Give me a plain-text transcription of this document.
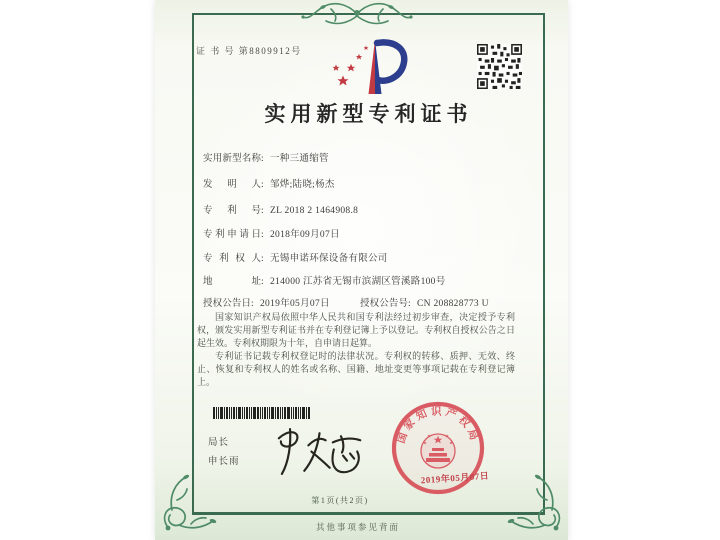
证 书 号 第8809912号
实用新型专利证书
实用新型名称: 一种三通缩管
发明人: 邹烨;陆晓;杨杰
专利号: ZL 2018 2 1464908.8
专利申请日: 2018年09月07日
专利权人: 无锡申诺环保设备有限公司
地址: 214000 江苏省无锡市滨湖区管溪路100号
授权公告日: 2019年05月07日	授权公告号: CN 208828773 U

国家知识产权局依照中华人民共和国专利法经过初步审查，决定授予专利权，颁发实用新型专利证书并在专利登记簿上予以登记。专利权自授权公告之日起生效。专利权期限为十年，自申请日起算。

专利证书记载专利权登记时的法律状况。专利权的转移、质押、无效、终止、恢复和专利权人的姓名或名称、国籍、地址变更等事项记载在专利登记簿上。

局长
申长雨
国家知识产权局
2019年05月07日
第1页(共2页)
其他事项参见背面
